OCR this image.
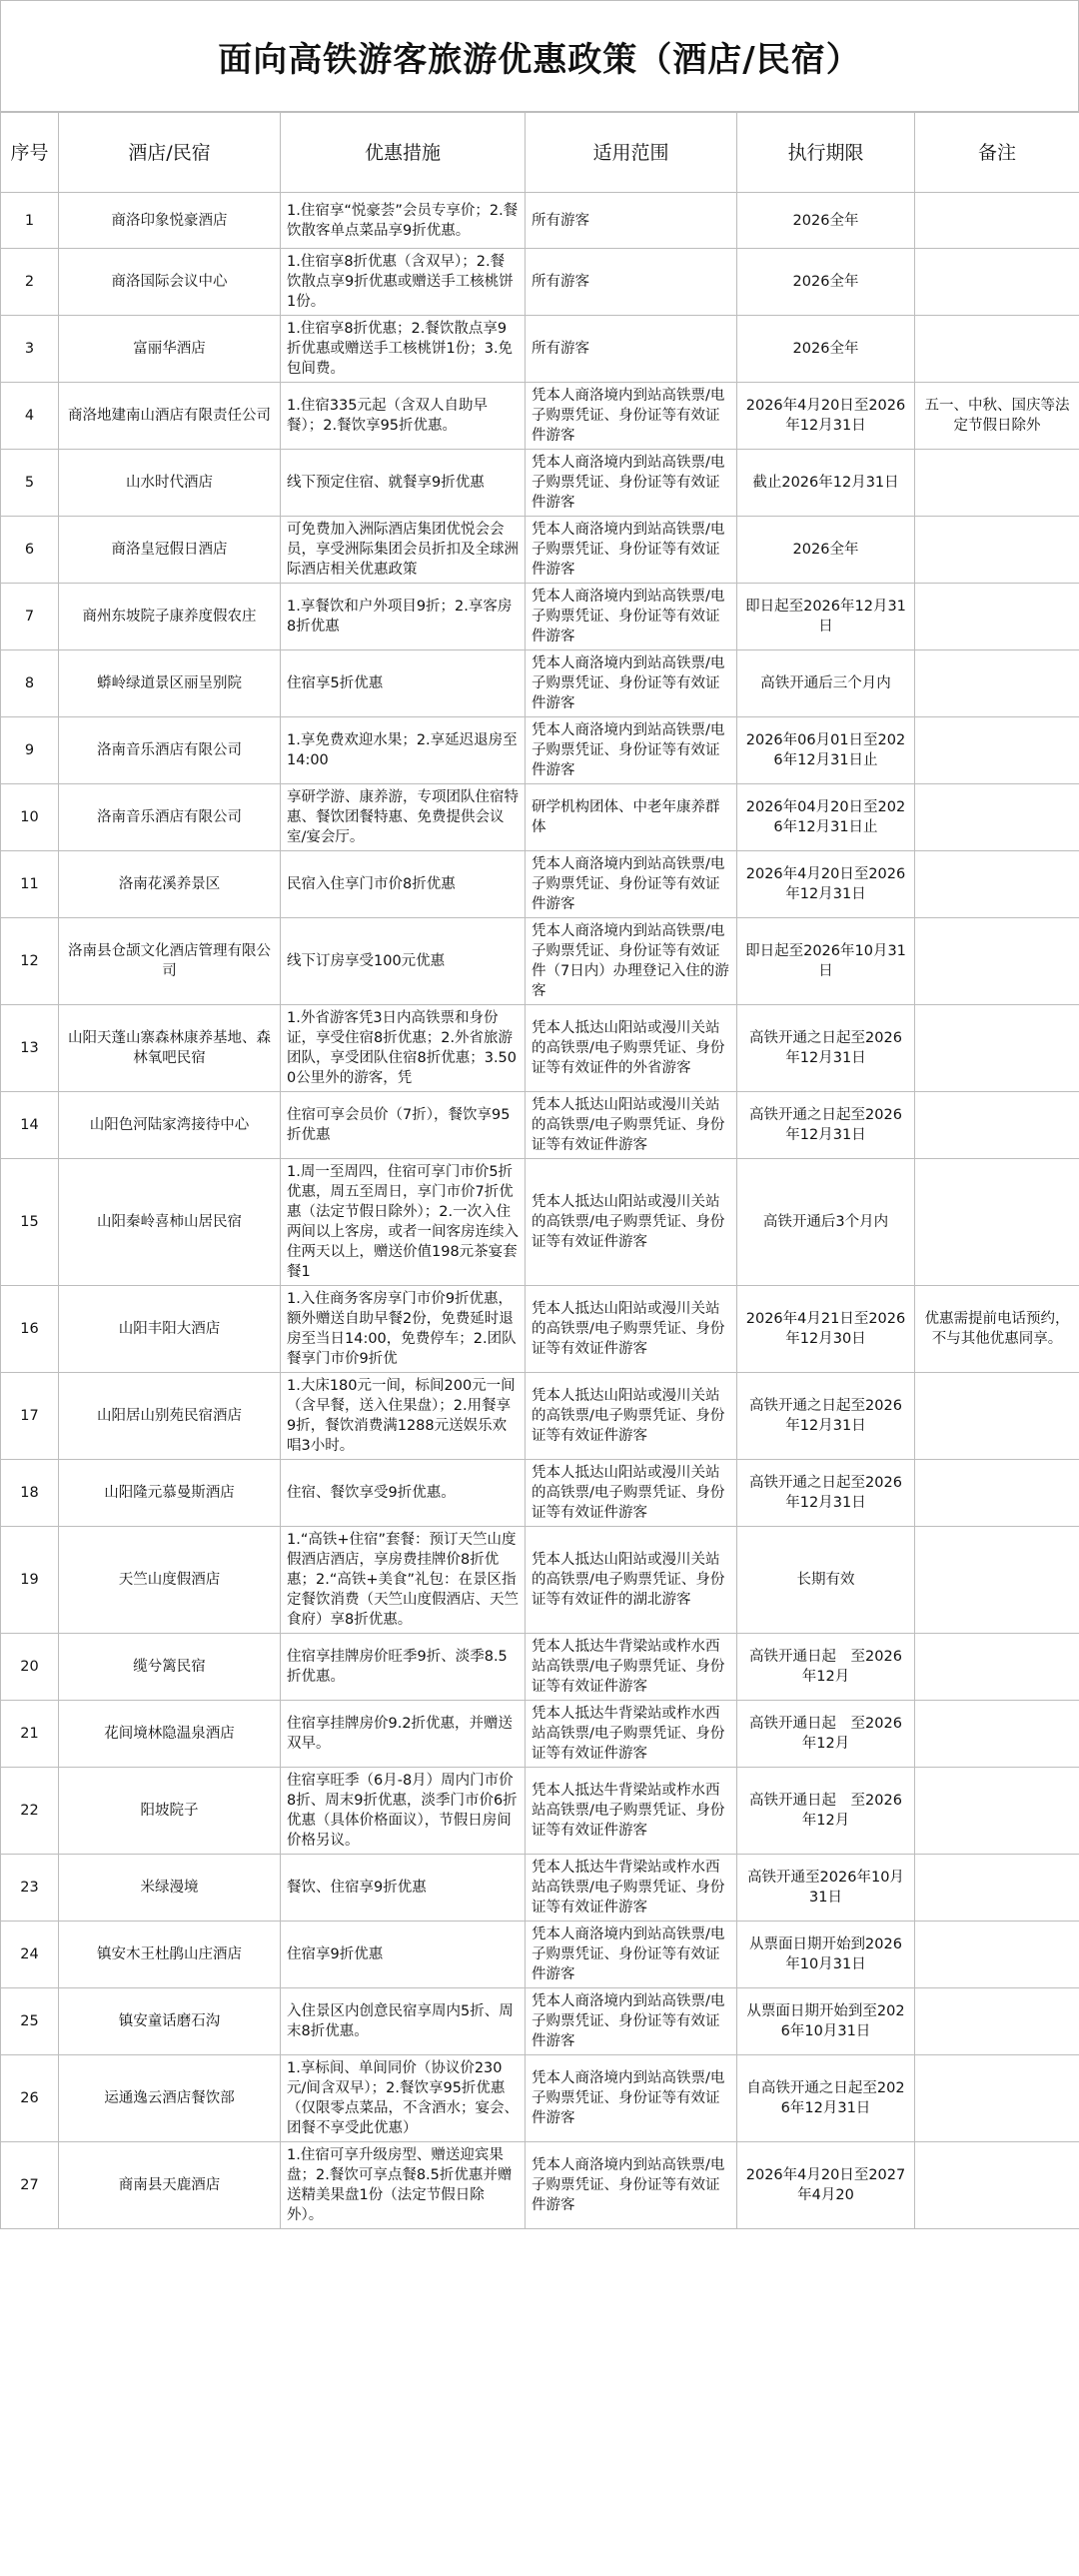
面向高铁游客旅游优惠政策（酒店/民宿）
序号	酒店/民宿	优惠措施	适用范围	执行期限	备注
1	商洛印象悦豪酒店	1.住宿享“悦豪荟”会员专享价；2.餐饮散客单点菜品享9折优惠。	所有游客	2026全年	
2	商洛国际会议中心	1.住宿享8折优惠（含双早）；2.餐饮散点享9折优惠或赠送手工核桃饼1份。	所有游客	2026全年	
3	富丽华酒店	1.住宿享8折优惠；2.餐饮散点享9折优惠或赠送手工核桃饼1份；3.免包间费。	所有游客	2026全年	
4	商洛地建南山酒店有限责任公司	1.住宿335元起（含双人自助早餐）；2.餐饮享95折优惠。	凭本人商洛境内到站高铁票/电子购票凭证、身份证等有效证件游客	2026年4月20日至2026年12月31日	五一、中秋、国庆等法定节假日除外
5	山水时代酒店	线下预定住宿、就餐享9折优惠	凭本人商洛境内到站高铁票/电子购票凭证、身份证等有效证件游客	截止2026年12月31日	
6	商洛皇冠假日酒店	可免费加入洲际酒店集团优悦会会员，享受洲际集团会员折扣及全球洲际酒店相关优惠政策	凭本人商洛境内到站高铁票/电子购票凭证、身份证等有效证件游客	2026全年	
7	商州东坡院子康养度假农庄	1.享餐饮和户外项目9折；2.享客房8折优惠	凭本人商洛境内到站高铁票/电子购票凭证、身份证等有效证件游客	即日起至2026年12月31日	
8	蟒岭绿道景区丽呈别院	住宿享5折优惠	凭本人商洛境内到站高铁票/电子购票凭证、身份证等有效证件游客	高铁开通后三个月内	
9	洛南音乐酒店有限公司	1.享免费欢迎水果；2.享延迟退房至14:00	凭本人商洛境内到站高铁票/电子购票凭证、身份证等有效证件游客	2026年06月01日至2026年12月31日止	
10	洛南音乐酒店有限公司	享研学游、康养游，专项团队住宿特惠、餐饮团餐特惠、免费提供会议室/宴会厅。	研学机构团体、中老年康养群体	2026年04月20日至2026年12月31日止	
11	洛南花溪养景区	民宿入住享门市价8折优惠	凭本人商洛境内到站高铁票/电子购票凭证、身份证等有效证件游客	2026年4月20日至2026年12月31日	
12	洛南县仓颉文化酒店管理有限公司	线下订房享受100元优惠	凭本人商洛境内到站高铁票/电子购票凭证、身份证等有效证件（7日内）办理登记入住的游客	即日起至2026年10月31日	
13	山阳天蓬山寨森林康养基地、森林氧吧民宿	1.外省游客凭3日内高铁票和身份证，享受住宿8折优惠；2.外省旅游团队，享受团队住宿8折优惠；3.500公里外的游客，凭	凭本人抵达山阳站或漫川关站的高铁票/电子购票凭证、身份证等有效证件的外省游客	高铁开通之日起至2026年12月31日	
14	山阳色河陆家湾接待中心	住宿可享会员价（7折），餐饮享95折优惠	凭本人抵达山阳站或漫川关站的高铁票/电子购票凭证、身份证等有效证件游客	高铁开通之日起至2026年12月31日	
15	山阳秦岭喜柿山居民宿	1.周一至周四，住宿可享门市价5折优惠，周五至周日，享门市价7折优惠（法定节假日除外）；2.一次入住两间以上客房，或者一间客房连续入住两天以上，赠送价值198元茶宴套餐1	凭本人抵达山阳站或漫川关站的高铁票/电子购票凭证、身份证等有效证件游客	高铁开通后3个月内	
16	山阳丰阳大酒店	1.入住商务客房享门市价9折优惠，额外赠送自助早餐2份，免费延时退房至当日14:00，免费停车；2.团队餐享门市价9折优	凭本人抵达山阳站或漫川关站的高铁票/电子购票凭证、身份证等有效证件游客	2026年4月21日至2026年12月30日	优惠需提前电话预约，不与其他优惠同享。
17	山阳居山别苑民宿酒店	1.大床180元一间，标间200元一间（含早餐，送入住果盘）；2.用餐享9折，餐饮消费满1288元送娱乐欢唱3小时。	凭本人抵达山阳站或漫川关站的高铁票/电子购票凭证、身份证等有效证件游客	高铁开通之日起至2026年12月31日	
18	山阳隆元慕曼斯酒店	住宿、餐饮享受9折优惠。	凭本人抵达山阳站或漫川关站的高铁票/电子购票凭证、身份证等有效证件游客	高铁开通之日起至2026年12月31日	
19	天竺山度假酒店	1.“高铁+住宿”套餐：预订天竺山度假酒店酒店，享房费挂牌价8折优惠；2.“高铁+美食”礼包：在景区指定餐饮消费（天竺山度假酒店、天竺食府）享8折优惠。	凭本人抵达山阳站或漫川关站的高铁票/电子购票凭证、身份证等有效证件的湖北游客	长期有效	
20	缆兮篱民宿	住宿享挂牌房价旺季9折、淡季8.5折优惠。	凭本人抵达牛背梁站或柞水西站高铁票/电子购票凭证、身份证等有效证件游客	高铁开通日起　至2026年12月	
21	花间境林隐温泉酒店	住宿享挂牌房价9.2折优惠，并赠送双早。	凭本人抵达牛背梁站或柞水西站高铁票/电子购票凭证、身份证等有效证件游客	高铁开通日起　至2026年12月	
22	阳坡院子	住宿享旺季（6月-8月）周内门市价8折、周末9折优惠，淡季门市价6折优惠（具体价格面议），节假日房间价格另议。	凭本人抵达牛背梁站或柞水西站高铁票/电子购票凭证、身份证等有效证件游客	高铁开通日起　至2026年12月	
23	米绿漫境	餐饮、住宿享9折优惠	凭本人抵达牛背梁站或柞水西站高铁票/电子购票凭证、身份证等有效证件游客	高铁开通至2026年10月31日	
24	镇安木王杜鹃山庄酒店	住宿享9折优惠	凭本人商洛境内到站高铁票/电子购票凭证、身份证等有效证件游客	从票面日期开始到2026年10月31日	
25	镇安童话磨石沟	入住景区内创意民宿享周内5折、周末8折优惠。	凭本人商洛境内到站高铁票/电子购票凭证、身份证等有效证件游客	从票面日期开始到至2026年10月31日	
26	运通逸云酒店餐饮部	1.享标间、单间同价（协议价230元/间含双早）；2.餐饮享95折优惠（仅限零点菜品，不含酒水；宴会、团餐不享受此优惠）	凭本人商洛境内到站高铁票/电子购票凭证、身份证等有效证件游客	自高铁开通之日起至2026年12月31日	
27	商南县天鹿酒店	1.住宿可享升级房型、赠送迎宾果盘；2.餐饮可享点餐8.5折优惠并赠送精美果盘1份（法定节假日除外）。	凭本人商洛境内到站高铁票/电子购票凭证、身份证等有效证件游客	2026年4月20日至2027年4月20	
